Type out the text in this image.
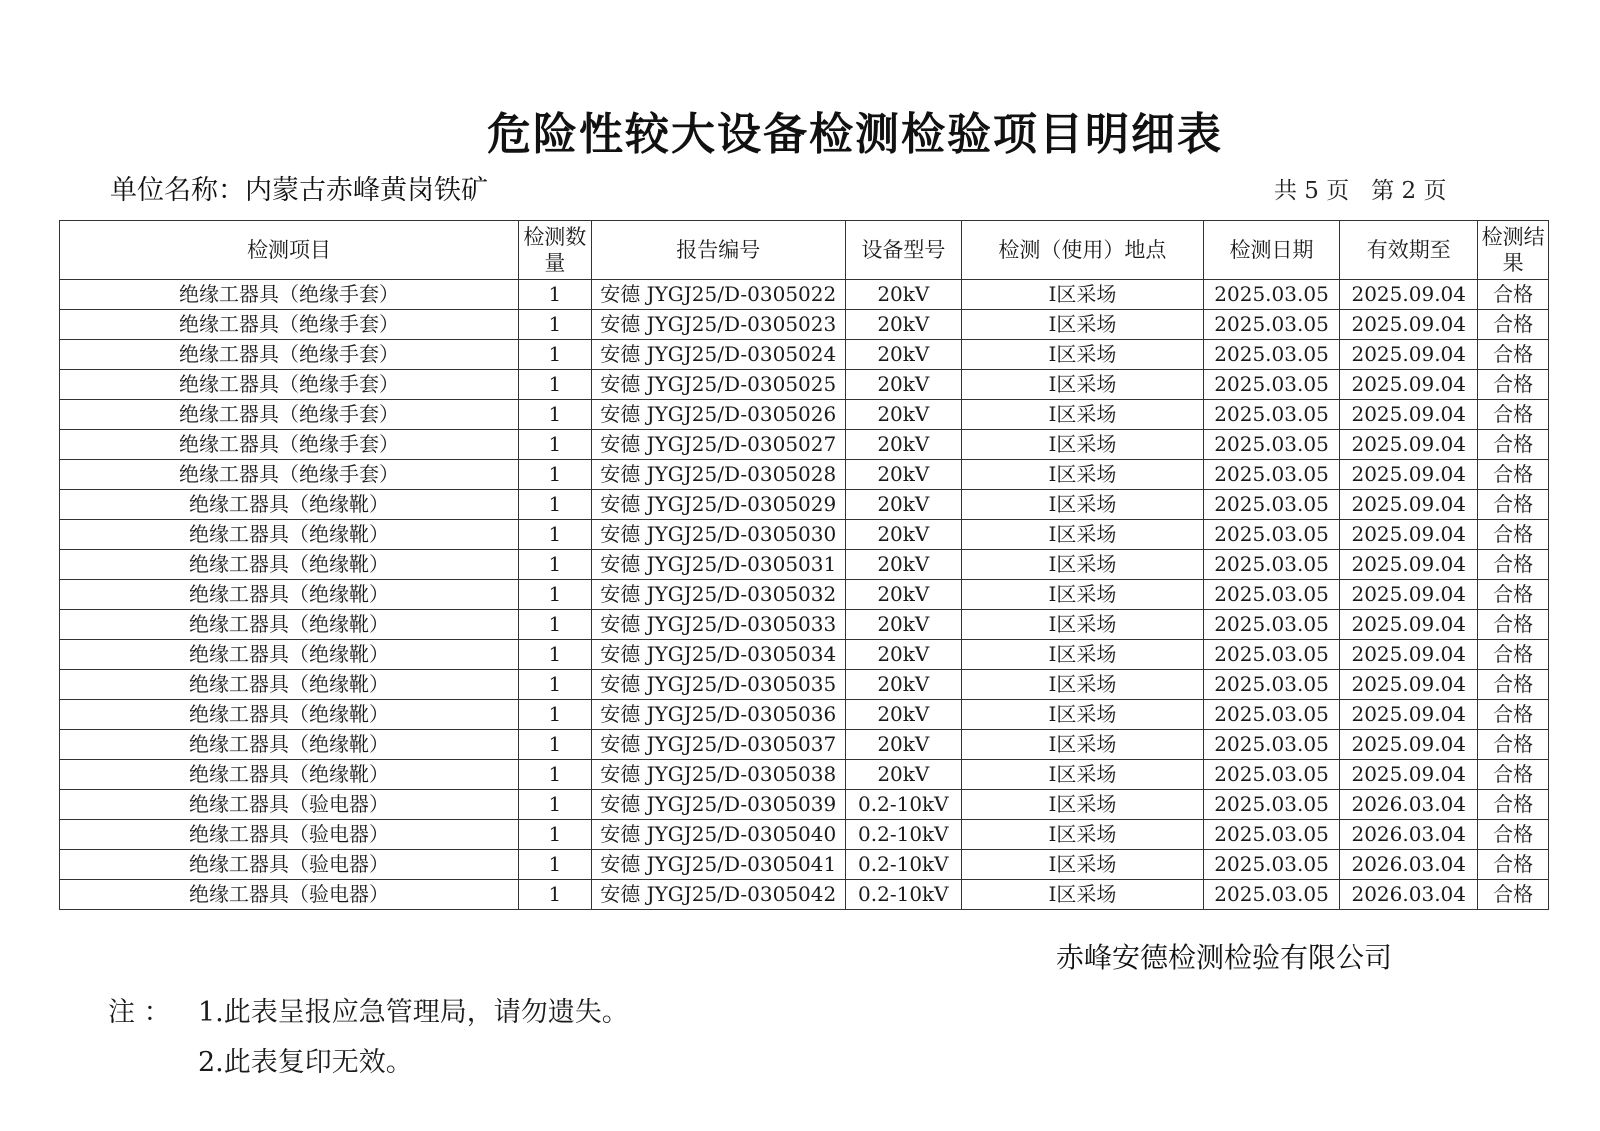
危险性较大设备检测检验项目明细表
单位名称：内蒙古赤峰黄岗铁矿	共 5 页   第 2 页
检测项目	检测数量	报告编号	设备型号	检测（使用）地点	检测日期	有效期至	检测结果
绝缘工器具（绝缘手套）	1	安德 JYGJ25/D-0305022	20kV	Ⅰ区采场	2025.03.05	2025.09.04	合格
绝缘工器具（绝缘手套）	1	安德 JYGJ25/D-0305023	20kV	Ⅰ区采场	2025.03.05	2025.09.04	合格
绝缘工器具（绝缘手套）	1	安德 JYGJ25/D-0305024	20kV	Ⅰ区采场	2025.03.05	2025.09.04	合格
绝缘工器具（绝缘手套）	1	安德 JYGJ25/D-0305025	20kV	Ⅰ区采场	2025.03.05	2025.09.04	合格
绝缘工器具（绝缘手套）	1	安德 JYGJ25/D-0305026	20kV	Ⅰ区采场	2025.03.05	2025.09.04	合格
绝缘工器具（绝缘手套）	1	安德 JYGJ25/D-0305027	20kV	Ⅰ区采场	2025.03.05	2025.09.04	合格
绝缘工器具（绝缘手套）	1	安德 JYGJ25/D-0305028	20kV	Ⅰ区采场	2025.03.05	2025.09.04	合格
绝缘工器具（绝缘靴）	1	安德 JYGJ25/D-0305029	20kV	Ⅰ区采场	2025.03.05	2025.09.04	合格
绝缘工器具（绝缘靴）	1	安德 JYGJ25/D-0305030	20kV	Ⅰ区采场	2025.03.05	2025.09.04	合格
绝缘工器具（绝缘靴）	1	安德 JYGJ25/D-0305031	20kV	Ⅰ区采场	2025.03.05	2025.09.04	合格
绝缘工器具（绝缘靴）	1	安德 JYGJ25/D-0305032	20kV	Ⅰ区采场	2025.03.05	2025.09.04	合格
绝缘工器具（绝缘靴）	1	安德 JYGJ25/D-0305033	20kV	Ⅰ区采场	2025.03.05	2025.09.04	合格
绝缘工器具（绝缘靴）	1	安德 JYGJ25/D-0305034	20kV	Ⅰ区采场	2025.03.05	2025.09.04	合格
绝缘工器具（绝缘靴）	1	安德 JYGJ25/D-0305035	20kV	Ⅰ区采场	2025.03.05	2025.09.04	合格
绝缘工器具（绝缘靴）	1	安德 JYGJ25/D-0305036	20kV	Ⅰ区采场	2025.03.05	2025.09.04	合格
绝缘工器具（绝缘靴）	1	安德 JYGJ25/D-0305037	20kV	Ⅰ区采场	2025.03.05	2025.09.04	合格
绝缘工器具（绝缘靴）	1	安德 JYGJ25/D-0305038	20kV	Ⅰ区采场	2025.03.05	2025.09.04	合格
绝缘工器具（验电器）	1	安德 JYGJ25/D-0305039	0.2-10kV	Ⅰ区采场	2025.03.05	2026.03.04	合格
绝缘工器具（验电器）	1	安德 JYGJ25/D-0305040	0.2-10kV	Ⅰ区采场	2025.03.05	2026.03.04	合格
绝缘工器具（验电器）	1	安德 JYGJ25/D-0305041	0.2-10kV	Ⅰ区采场	2025.03.05	2026.03.04	合格
绝缘工器具（验电器）	1	安德 JYGJ25/D-0305042	0.2-10kV	Ⅰ区采场	2025.03.05	2026.03.04	合格
赤峰安德检测检验有限公司
注 ： 1.此表呈报应急管理局，请勿遗失。
2.此表复印无效。
